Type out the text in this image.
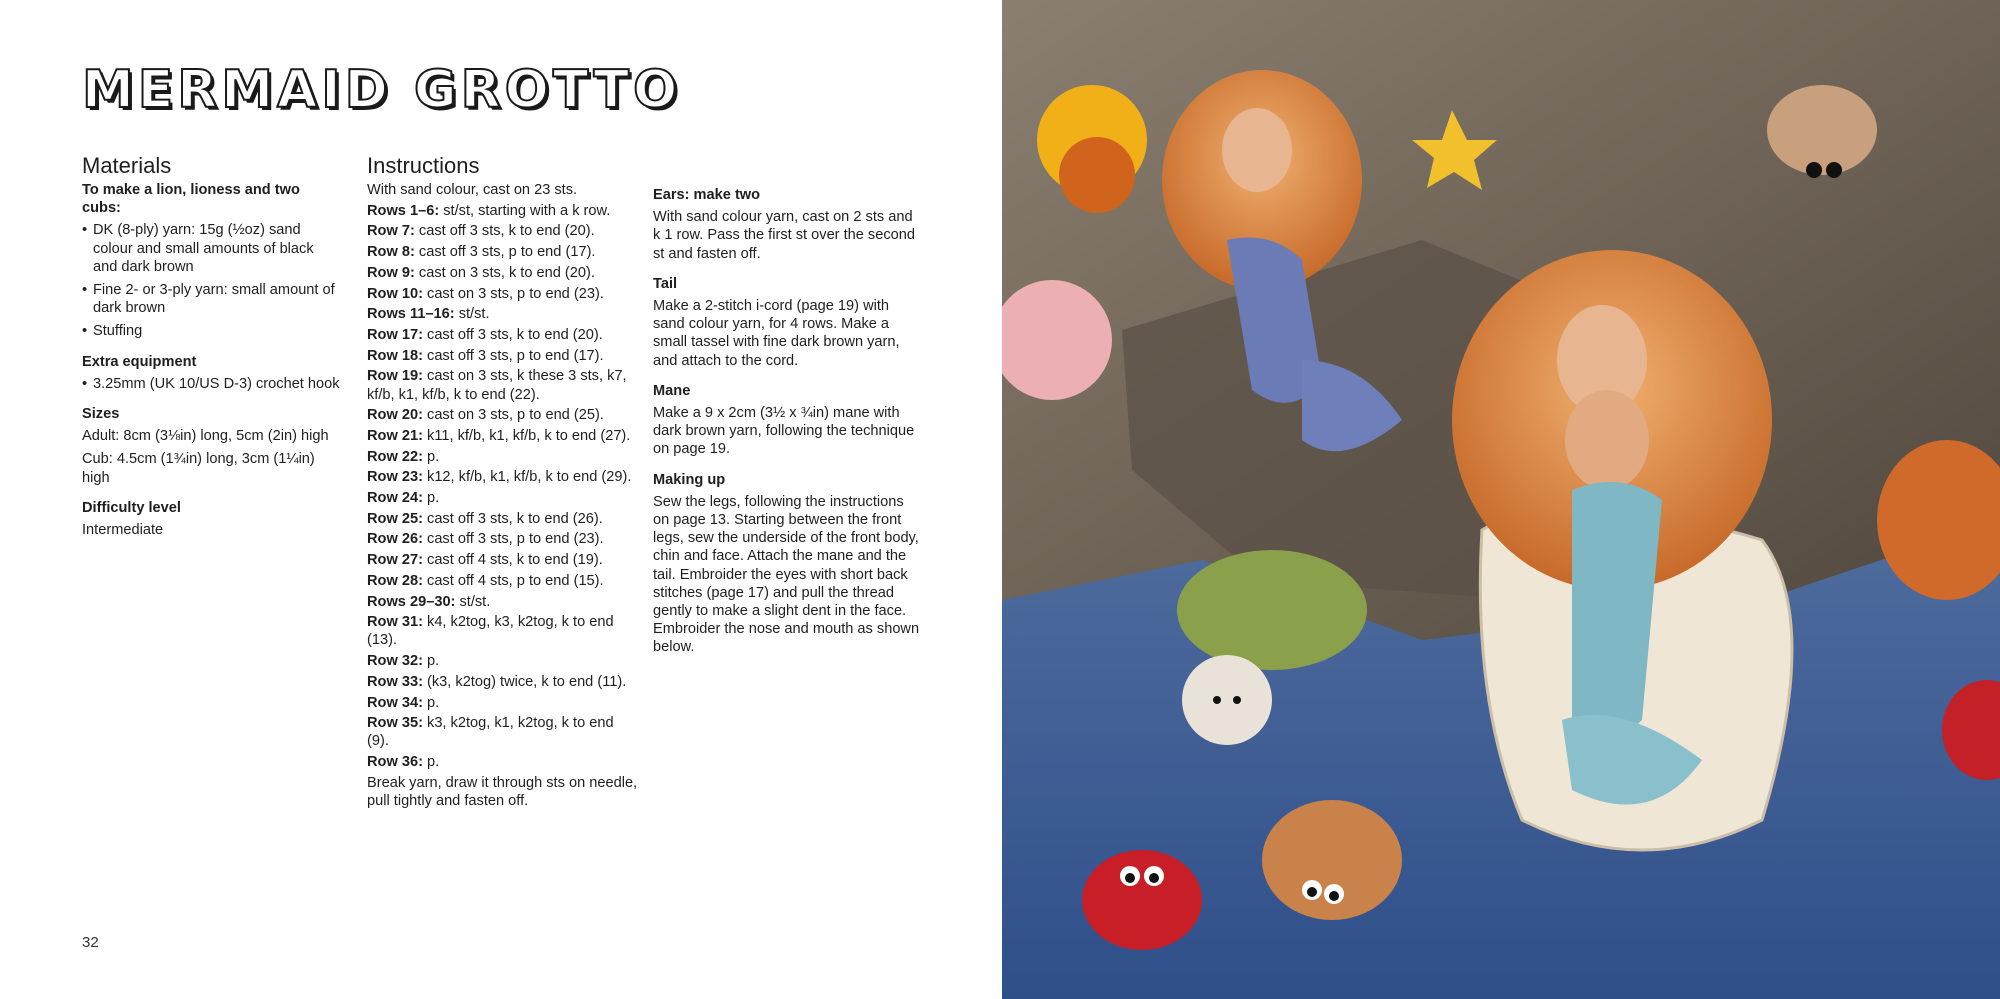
MERMAID GROTTO
Materials
To make a lion, lioness and two cubs:
• DK (8-ply) yarn: 15g (½oz) sand colour and small amounts of black and dark brown
• Fine 2- or 3-ply yarn: small amount of dark brown
• Stuffing
Extra equipment
• 3.25mm (UK 10/US D-3) crochet hook
Sizes
Adult: 8cm (3⅛in) long, 5cm (2in) high
Cub: 4.5cm (1¾in) long, 3cm (1¼in) high
Difficulty level
Intermediate
Instructions
With sand colour, cast on 23 sts.
Rows 1–6: st/st, starting with a k row.
Row 7: cast off 3 sts, k to end (20).
Row 8: cast off 3 sts, p to end (17).
Row 9: cast on 3 sts, k to end (20).
Row 10: cast on 3 sts, p to end (23).
Rows 11–16: st/st.
Row 17: cast off 3 sts, k to end (20).
Row 18: cast off 3 sts, p to end (17).
Row 19: cast on 3 sts, k these 3 sts, k7, kf/b, k1, kf/b, k to end (22).
Row 20: cast on 3 sts, p to end (25).
Row 21: k11, kf/b, k1, kf/b, k to end (27).
Row 22: p.
Row 23: k12, kf/b, k1, kf/b, k to end (29).
Row 24: p.
Row 25: cast off 3 sts, k to end (26).
Row 26: cast off 3 sts, p to end (23).
Row 27: cast off 4 sts, k to end (19).
Row 28: cast off 4 sts, p to end (15).
Rows 29–30: st/st.
Row 31: k4, k2tog, k3, k2tog, k to end (13).
Row 32: p.
Row 33: (k3, k2tog) twice, k to end (11).
Row 34: p.
Row 35: k3, k2tog, k1, k2tog, k to end (9).
Row 36: p.
Break yarn, draw it through sts on needle, pull tightly and fasten off.
Ears: make two
With sand colour yarn, cast on 2 sts and k 1 row. Pass the first st over the second st and fasten off.
Tail
Make a 2-stitch i-cord (page 19) with sand colour yarn, for 4 rows. Make a small tassel with fine dark brown yarn, and attach to the cord.
Mane
Make a 9 x 2cm (3½ x ¾in) mane with dark brown yarn, following the technique on page 19.
Making up
Sew the legs, following the instructions on page 13. Starting between the front legs, sew the underside of the front body, chin and face. Attach the mane and the tail. Embroider the eyes with short back stitches (page 17) and pull the thread gently to make a slight dent in the face. Embroider the nose and mouth as shown below.
32
